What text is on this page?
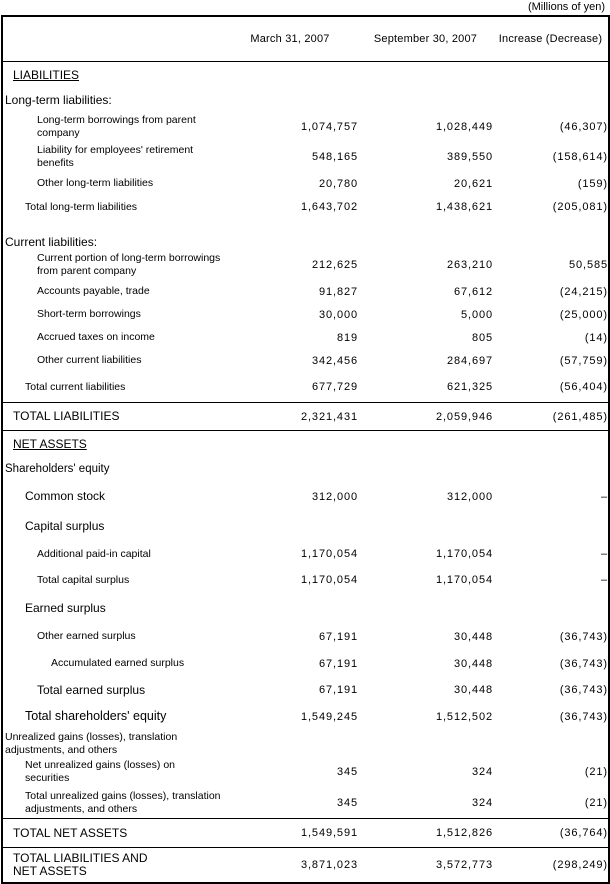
(Millions of yen)
	March 31, 2007	September 30, 2007	Increase (Decrease)

LIABILITIES			

Long-term liabilities:			

Long-term borrowings from parent company	1,074,757	1,028,449	(46,307)

Liability for employees' retirement benefits	548,165	389,550	(158,614)

Other long-term liabilities	20,780	20,621	(159)

Total long-term liabilities	1,643,702	1,438,621	(205,081)

Current liabilities:			

Current portion of long-term borrowings from parent company	212,625	263,210	50,585

Accounts payable, trade	91,827	67,612	(24,215)

Short-term borrowings	30,000	5,000	(25,000)

Accrued taxes on income	819	805	(14)

Other current liabilities	342,456	284,697	(57,759)

Total current liabilities	677,729	621,325	(56,404)

TOTAL LIABILITIES	2,321,431	2,059,946	(261,485)

NET ASSETS			

Shareholders' equity			

Common stock	312,000	312,000	–

Capital surplus			

Additional paid-in capital	1,170,054	1,170,054	–

Total capital surplus	1,170,054	1,170,054	–

Earned surplus			

Other earned surplus	67,191	30,448	(36,743)

Accumulated earned surplus	67,191	30,448	(36,743)

Total earned surplus	67,191	30,448	(36,743)

Total shareholders' equity	1,549,245	1,512,502	(36,743)

Unrealized gains (losses), translation adjustments, and others			

Net unrealized gains (losses) on securities	345	324	(21)

Total unrealized gains (losses), translation adjustments, and others	345	324	(21)

TOTAL NET ASSETS	1,549,591	1,512,826	(36,764)

TOTAL LIABILITIES AND NET ASSETS	3,871,023	3,572,773	(298,249)
